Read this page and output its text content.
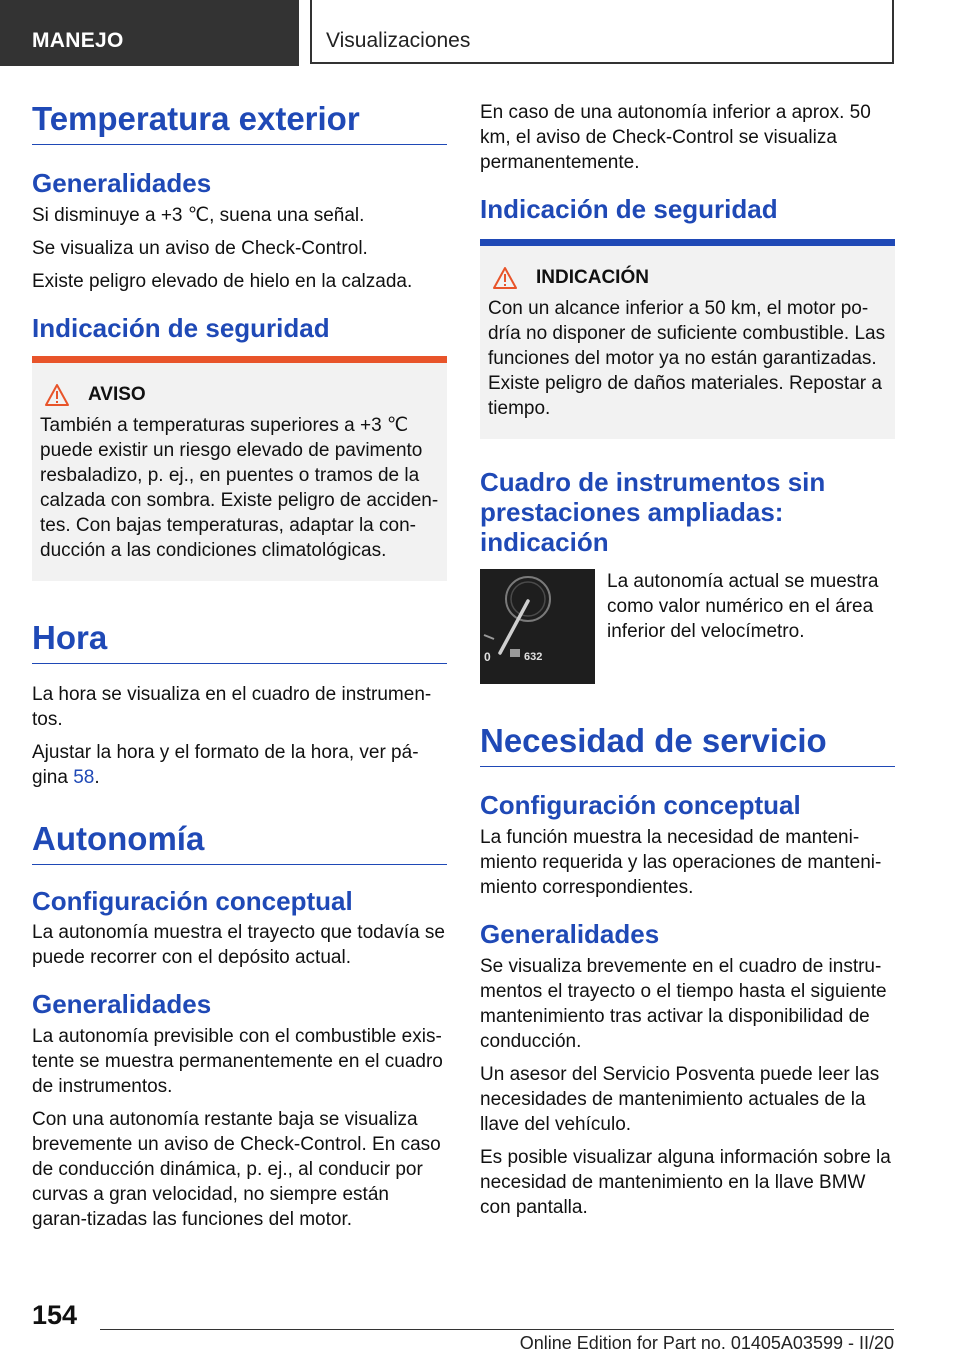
MANEJO	Visualizaciones
Temperatura exterior
Generalidades

Si disminuye a +3 ℃, suena una señal.

Se visualiza un aviso de Check-Control.

Existe peligro elevado de hielo en la calzada.

Indicación de seguridad
AVISO

También a temperaturas superiores a +3 ℃ puede existir un riesgo elevado de pavimento resbaladizo, p. ej., en puentes o tramos de la calzada con sombra. Existe peligro de acciden‐tes. Con bajas temperaturas, adaptar la con‐ducción a las condiciones climatológicas.

Hora

La hora se visualiza en el cuadro de instrumen‐tos.

Ajustar la hora y el formato de la hora, ver pá‐gina 58.

Autonomía
Configuración conceptual

La autonomía muestra el trayecto que todavía se puede recorrer con el depósito actual.

Generalidades

La autonomía previsible con el combustible exis‐tente se muestra permanentemente en el cuadro de instrumentos.

Con una autonomía restante baja se visualiza brevemente un aviso de Check-Control. En caso de conducción dinámica, p. ej., al conducir por curvas a gran velocidad, no siempre están garan‐tizadas las funciones del motor.

En caso de una autonomía inferior a aprox. 50 km, el aviso de Check-Control se visualiza permanentemente.

Indicación de seguridad
INDICACIÓN

Con un alcance inferior a 50 km, el motor po‐dría no disponer de suficiente combustible. Las funciones del motor ya no están garantizadas. Existe peligro de daños materiales. Repostar a tiempo.

Cuadro de instrumentos sin prestaciones ampliadas: indicación
0	632

La autonomía actual se muestra como valor numérico en el área inferior del velocímetro.

Necesidad de servicio
Configuración conceptual

La función muestra la necesidad de manteni‐miento requerida y las operaciones de manteni‐miento correspondientes.

Generalidades

Se visualiza brevemente en el cuadro de instru‐mentos el trayecto o el tiempo hasta el siguiente mantenimiento tras activar la disponibilidad de conducción.

Un asesor del Servicio Posventa puede leer las necesidades de mantenimiento actuales de la llave del vehículo.

Es posible visualizar alguna información sobre la necesidad de mantenimiento en la llave BMW con pantalla.

154
Online Edition for Part no. 01405A03599 - II/20
